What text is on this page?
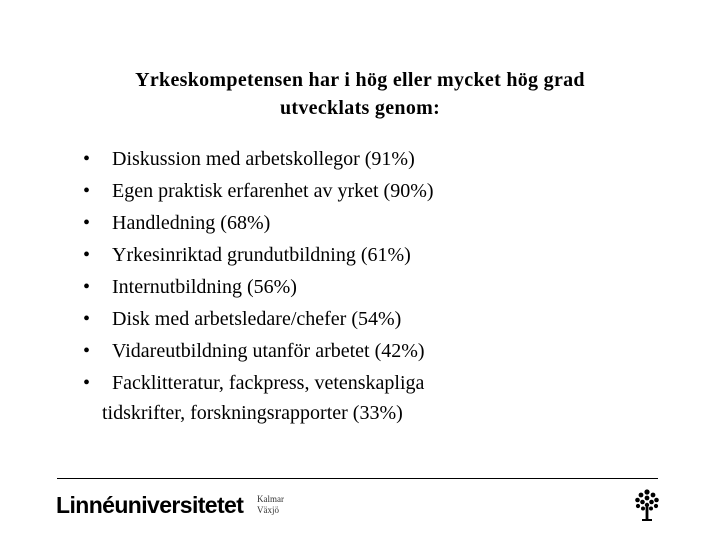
Yrkeskompetensen har i hög eller mycket hög grad
utvecklats genom:
• Diskussion med arbetskollegor (91%)
• Egen praktisk erfarenhet av yrket (90%)
• Handledning (68%)
• Yrkesinriktad grundutbildning (61%)
• Internutbildning (56%)
• Disk med arbetsledare/chefer (54%)
• Vidareutbildning utanför arbetet (42%)
• Facklitteratur, fackpress, vetenskapliga
tidskrifter, forskningsrapporter (33%)
Linnéuniversitetet Kalmar
Växjö
